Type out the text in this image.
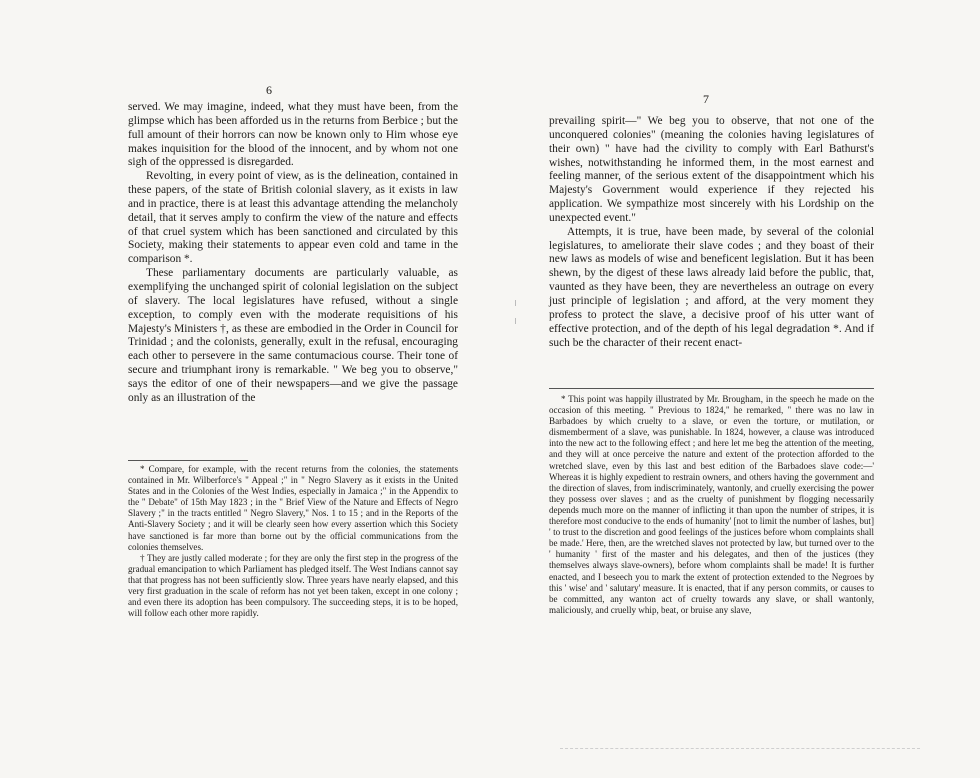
6

served. We may imagine, indeed, what they must have been, from the glimpse which has been afforded us in the returns from Berbice ; but the full amount of their horrors can now be known only to Him whose eye makes inquisition for the blood of the innocent, and by whom not one sigh of the oppressed is disregarded.

Revolting, in every point of view, as is the delineation, contained in these papers, of the state of British colonial slavery, as it exists in law and in practice, there is at least this advantage attending the melancholy detail, that it serves amply to confirm the view of the nature and effects of that cruel system which has been sanctioned and circulated by this Society, making their statements to appear even cold and tame in the comparison *.

These parliamentary documents are particularly valuable, as exemplifying the unchanged spirit of colonial legislation on the subject of slavery. The local legislatures have refused, without a single exception, to comply even with the moderate requisitions of his Majesty's Ministers †, as these are embodied in the Order in Council for Trinidad ; and the colonists, generally, exult in the refusal, encouraging each other to persevere in the same contumacious course. Their tone of secure and triumphant irony is remarkable. " We beg you to observe," says the editor of one of their newspapers—and we give the passage only as an illustration of the

* Compare, for example, with the recent returns from the colonies, the statements contained in Mr. Wilberforce's " Appeal ;" in " Negro Slavery as it exists in the United States and in the Colonies of the West Indies, especially in Jamaica ;" in the Appendix to the " Debate" of 15th May 1823 ; in the " Brief View of the Nature and Effects of Negro Slavery ;" in the tracts entitled " Negro Slavery," Nos. 1 to 15 ; and in the Reports of the Anti-Slavery Society ; and it will be clearly seen how every assertion which this Society have sanctioned is far more than borne out by the official communications from the colonies themselves.

† They are justly called moderate ; for they are only the first step in the progress of the gradual emancipation to which Parliament has pledged itself. The West Indians cannot say that that progress has not been sufficiently slow. Three years have nearly elapsed, and this very first graduation in the scale of reform has not yet been taken, except in one colony ; and even there its adoption has been compulsory. The succeeding steps, it is to be hoped, will follow each other more rapidly.

7

prevailing spirit—" We beg you to observe, that not one of the unconquered colonies" (meaning the colonies having legislatures of their own) " have had the civility to comply with Earl Bathurst's wishes, notwithstanding he informed them, in the most earnest and feeling manner, of the serious extent of the disappointment which his Majesty's Government would experience if they rejected his application. We sympathize most sincerely with his Lordship on the unexpected event."

Attempts, it is true, have been made, by several of the colonial legislatures, to ameliorate their slave codes ; and they boast of their new laws as models of wise and beneficent legislation. But it has been shewn, by the digest of these laws already laid before the public, that, vaunted as they have been, they are nevertheless an outrage on every just principle of legislation ; and afford, at the very moment they profess to protect the slave, a decisive proof of his utter want of effective protection, and of the depth of his legal degradation *. And if such be the character of their recent enact-

* This point was happily illustrated by Mr. Brougham, in the speech he made on the occasion of this meeting. " Previous to 1824," he remarked, " there was no law in Barbadoes by which cruelty to a slave, or even the torture, or mutilation, or dismemberment of a slave, was punishable. In 1824, however, a clause was introduced into the new act to the following effect ; and here let me beg the attention of the meeting, and they will at once perceive the nature and extent of the protection afforded to the wretched slave, even by this last and best edition of the Barbadoes slave code:—' Whereas it is highly expedient to restrain owners, and others having the government and the direction of slaves, from indiscriminately, wantonly, and cruelly exercising the power they possess over slaves ; and as the cruelty of punishment by flogging necessarily depends much more on the manner of inflicting it than upon the number of stripes, it is therefore most conducive to the ends of humanity' [not to limit the number of lashes, but] ' to trust to the discretion and good feelings of the justices before whom complaints shall be made.' Here, then, are the wretched slaves not protected by law, but turned over to the ' humanity ' first of the master and his delegates, and then of the justices (they themselves always slave-owners), before whom complaints shall be made! It is further enacted, and I beseech you to mark the extent of protection extended to the Negroes by this ' wise' and ' salutary' measure. It is enacted, that if any person commits, or causes to be committed, any wanton act of cruelty towards any slave, or shall wantonly, maliciously, and cruelly whip, beat, or bruise any slave,
